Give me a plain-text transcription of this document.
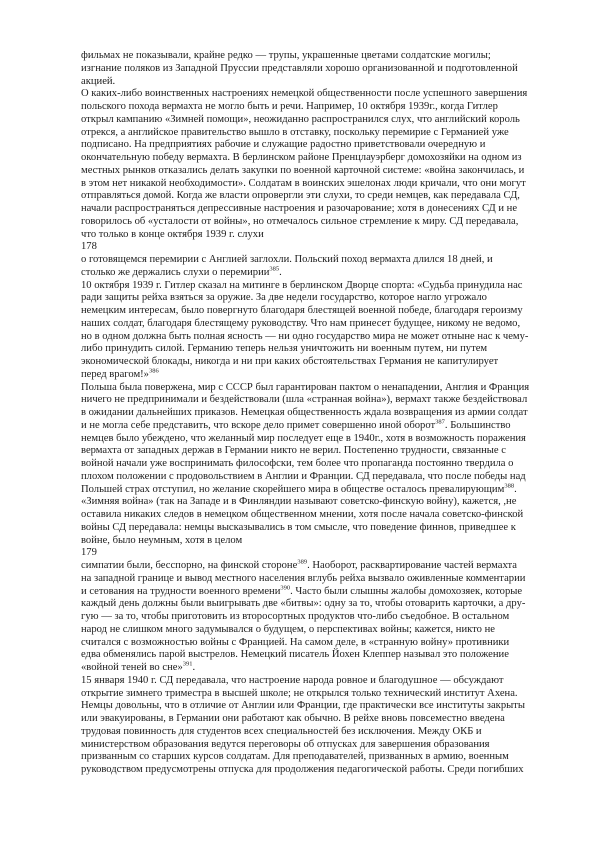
фильмах не показывали, крайне редко — трупы, украшенные цветами солдатские могилы;
изгнание поляков из Западной Пруссии представляли хорошо организованной и подготовленной
акцией.
О каких-либо воинственных настроениях немецкой общественности после успешного завершения
польского похода вермахта не могло быть и речи. Например, 10 октября 1939г., когда Гитлер
открыл кампанию «Зимней помощи», неожиданно распространился слух, что английский король
отрекся, а английское правительство вышло в отставку, поскольку перемирие с Германией уже
подписано. На предприятиях рабочие и служащие радостно приветствовали очередную и
окончательную победу вермахта. В берлинском районе Пренцлауэрберг домохозяйки на одном из
местных рынков отказались делать закупки по военной карточной системе: «война закончилась, и
в этом нет никакой необходимости». Солдатам в воинских эшелонах люди кричали, что они могут
отправляться домой. Когда же власти опровергли эти слухи, то среди немцев, как передавала СД,
начали распространяться депрессивные настроения и разочарование; хотя в донесениях СД и не
говорилось об «усталости от войны», но отмечалось сильное стремление к миру. СД передавала,
что только в конце октября 1939 г. слухи
178
о готовящемся перемирии с Англией заглохли. Польский поход вермахта длился 18 дней, и
столько же держались слухи о перемирии$^{385}$.
10 октября 1939 г. Гитлер сказал на митинге в берлинском Дворце спорта: «Судьба принудила нас
ради защиты рейха взяться за оружие. За две недели государство, которое нагло угрожало
немецким интересам, было повергнуто благодаря блестящей военной победе, благодаря героизму
наших солдат, благодаря блестящему руководству. Что нам принесет будущее, никому не ведомо,
но в одном должна быть полная ясность — ни одно государство мира не может отныне нас к чему-
либо принудить силой. Германию теперь нельзя уничтожить ни военным путем, ни путем
экономической блокады, никогда и ни при каких обстоятельствах Германия не капитулирует
перед врагом!»$^{386}$
Польша была повержена, мир с СССР был гарантирован пактом о ненападении, Англия и Франция
ничего не предпринимали и бездействовали (шла «странная война»), вермахт также бездействовал
в ожидании дальнейших приказов. Немецкая общественность ждала возвращения из армии солдат
и не могла себе представить, что вскоре дело примет совершенно иной оборот$^{387}$. Большинство
немцев было убеждено, что желанный мир последует еще в 1940г., хотя в возможность поражения
вермахта от западных держав в Германии никто не верил. Постепенно трудности, связанные с
войной начали уже воспринимать философски, тем более что пропаганда постоянно твердила о
плохом положении с продовольствием в Англии и Франции. СД передавала, что после победы над
Польшей страх отступил, но желание скорейшего мира в обществе осталось превалирующим$^{388}$.
«Зимняя война» (так на Западе и в Финляндии называют советско-финскую войну), кажется, ,не
оставила никаких следов в немецком общественном мнении, хотя после начала советско-финской
войны СД передавала: немцы высказывались в том смысле, что поведение финнов, приведшее к
войне, было неумным, хотя в целом
179
симпатии были, бесспорно, на финской стороне$^{389}$. Наоборот, расквартирование частей вермахта
на западной границе и вывод местного населения вглубь рейха вызвало оживленные комментарии
и сетования на трудности военного времени$^{390}$. Часто были слышны жалобы домохозяек, которые
каждый день должны были выигрывать две «битвы»: одну за то, чтобы отоварить карточки, а дру-
гую — за то, чтобы приготовить из второсортных продуктов что-либо съедобное. В остальном
народ не слишком много задумывался о будущем, о перспективах войны; кажется, никто не
считался с возможностью войны с Францией. На самом деле, в «странную войну» противники
едва обменялись парой выстрелов. Немецкий писатель Йохен Клеппер называл это положение
«войной теней во сне»$^{391}$.
15 января 1940 г. СД передавала, что настроение народа ровное и благодушное — обсуждают
открытие зимнего триместра в высшей школе; не открылся только технический институт Ахена.
Немцы довольны, что в отличие от Англии или Франции, где практически все институты закрыты
или эвакуированы, в Германии они работают как обычно. В рейхе вновь повсеместно введена
трудовая повинность для студентов всех специальностей без исключения. Между ОКБ и
министерством образования ведутся переговоры об отпусках для завершения образования
призванным со старших курсов солдатам. Для преподавателей, призванных в армию, военным
руководством предусмотрены отпуска для продолжения педагогической работы. Среди погибших
